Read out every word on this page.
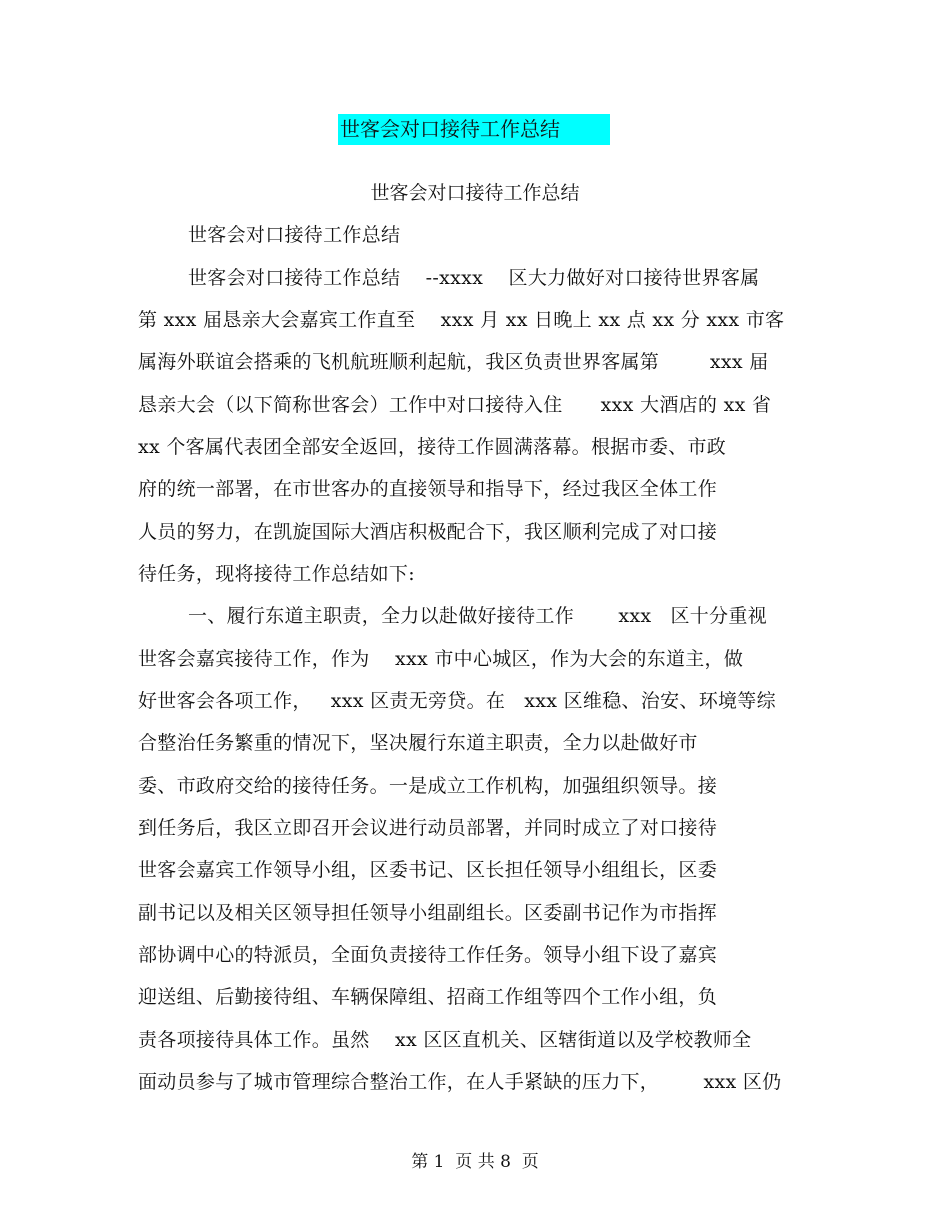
世客会对口接待工作总结
世客会对口接待工作总结
世客会对口接待工作总结
世客会对口接待工作总结    --xxxx    区大力做好对口接待世界客属
第 xxx 届恳亲大会嘉宾工作直至    xxx 月 xx 日晚上 xx 点 xx 分 xxx 市客
属海外联谊会搭乘的飞机航班顺利起航，我区负责世界客属第        xxx 届
恳亲大会（以下简称世客会）工作中对口接待入住      xxx 大酒店的 xx 省
xx 个客属代表团全部安全返回，接待工作圆满落幕。根据市委、市政
府的统一部署，在市世客办的直接领导和指导下，经过我区全体工作
人员的努力，在凯旋国际大酒店积极配合下，我区顺利完成了对口接
待任务，现将接待工作总结如下:
一、履行东道主职责，全力以赴做好接待工作       xxx   区十分重视
世客会嘉宾接待工作，作为    xxx 市中心城区，作为大会的东道主，做
好世客会各项工作，   xxx 区责无旁贷。在   xxx 区维稳、治安、环境等综
合整治任务繁重的情况下，坚决履行东道主职责，全力以赴做好市
委、市政府交给的接待任务。一是成立工作机构，加强组织领导。接
到任务后，我区立即召开会议进行动员部署，并同时成立了对口接待
世客会嘉宾工作领导小组，区委书记、区长担任领导小组组长，区委
副书记以及相关区领导担任领导小组副组长。区委副书记作为市指挥
部协调中心的特派员，全面负责接待工作任务。领导小组下设了嘉宾
迎送组、后勤接待组、车辆保障组、招商工作组等四个工作小组，负
责各项接待具体工作。虽然    xx 区区直机关、区辖街道以及学校教师全
面动员参与了城市管理综合整治工作，在人手紧缺的压力下，       xxx 区仍
第 1  页 共 8  页
